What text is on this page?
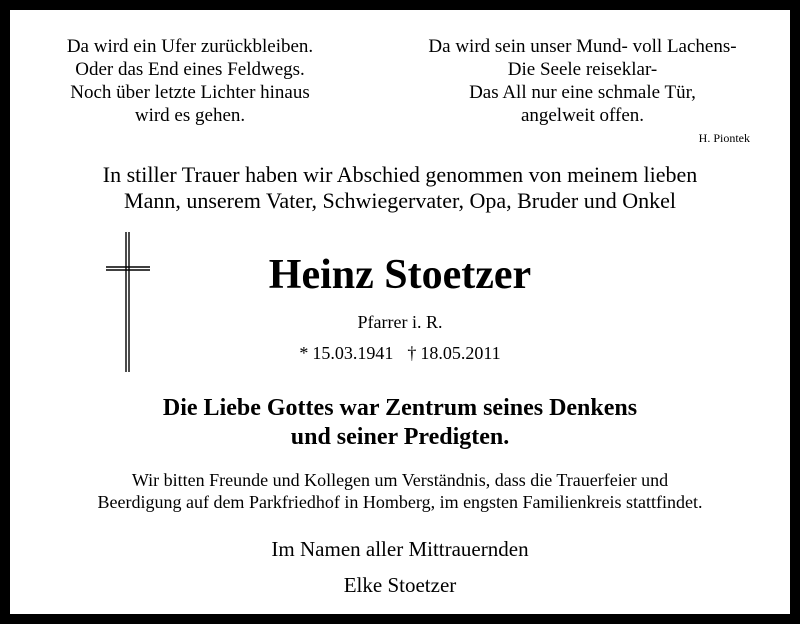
Da wird ein Ufer zurückbleiben.
Oder das End eines Feldwegs.
Noch über letzte Lichter hinaus
wird es gehen.
Da wird sein unser Mund- voll Lachens-
Die Seele reiseklar-
Das All nur eine schmale Tür,
angelweit offen.
H. Piontek
In stiller Trauer haben wir Abschied genommen von meinem lieben
Mann, unserem Vater, Schwiegervater, Opa, Bruder und Onkel
Heinz Stoetzer
Pfarrer i. R.
* 15.03.1941 † 18.05.2011
Die Liebe Gottes war Zentrum seines Denkens
und seiner Predigten.
Wir bitten Freunde und Kollegen um Verständnis, dass die Trauerfeier und
Beerdigung auf dem Parkfriedhof in Homberg, im engsten Familienkreis stattfindet.
Im Namen aller Mittrauernden
Elke Stoetzer
